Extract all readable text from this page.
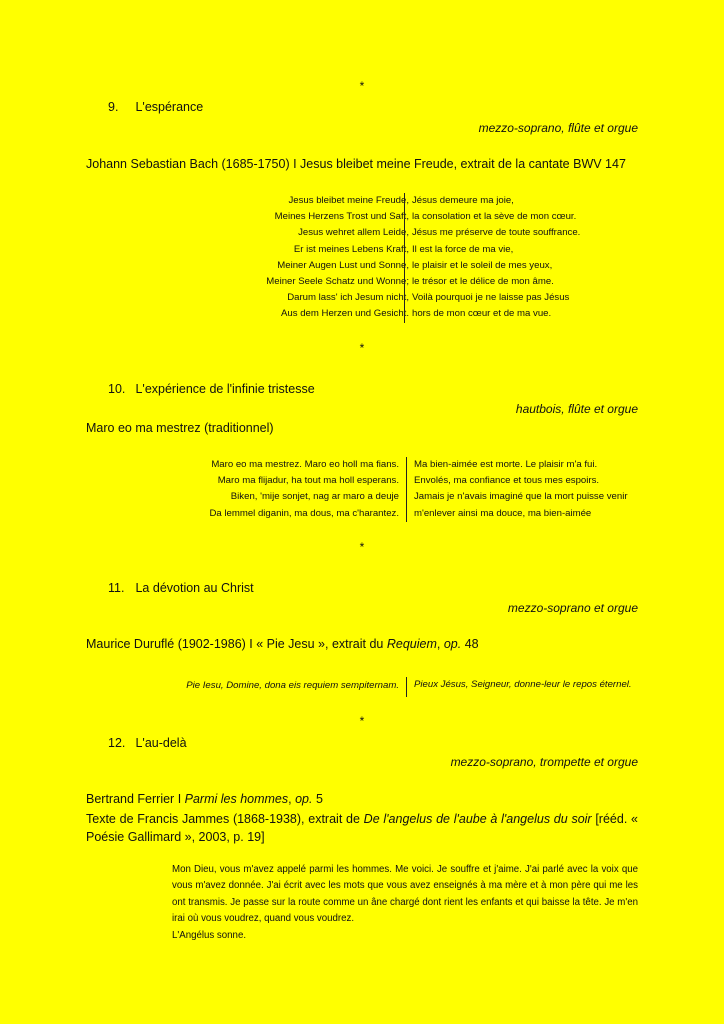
*
9. L'espérance
mezzo-soprano, flûte et orgue
Johann Sebastian Bach (1685-1750) I Jesus bleibet meine Freude, extrait de la cantate BWV 147
Jesus bleibet meine Freude,
Meines Herzens Trost und Saft,
Jesus wehret allem Leide,
Er ist meines Lebens Kraft,
Meiner Augen Lust und Sonne,
Meiner Seele Schatz und Wonne;
Darum lass' ich Jesum nicht,
Aus dem Herzen und Gesicht.
Jésus demeure ma joie,
la consolation et la sève de mon cœur.
Jésus me préserve de toute souffrance.
Il est la force de ma vie,
le plaisir et le soleil de mes yeux,
le trésor et le délice de mon âme.
Voilà pourquoi je ne laisse pas Jésus
hors de mon cœur et de ma vue.
*
10. L'expérience de l'infinie tristesse
hautbois, flûte et orgue
Maro eo ma mestrez (traditionnel)
Maro eo ma mestrez. Maro eo holl ma fians.
Maro ma flijadur, ha tout ma holl esperans.
Biken, 'mije sonjet, nag ar maro a deuje
Da lemmel diganin, ma dous, ma c'harantez.
Ma bien-aimée est morte. Le plaisir m'a fui.
Envolés, ma confiance et tous mes espoirs.
Jamais je n'avais imaginé que la mort puisse venir
m'enlever ainsi ma douce, ma bien-aimée
*
11. La dévotion au Christ
mezzo-soprano et orgue
Maurice Duruflé (1902-1986) I « Pie Jesu », extrait du Requiem, op. 48
Pie Iesu, Domine, dona eis requiem sempiternam. Pieux Jésus, Seigneur, donne-leur le repos éternel.
*
12. L'au-delà
mezzo-soprano, trompette et orgue
Bertrand Ferrier I Parmi les hommes, op. 5
Texte de Francis Jammes (1868-1938), extrait de De l'angelus de l'aube à l'angelus du soir [rééd. « Poésie Gallimard », 2003, p. 19]
Mon Dieu, vous m'avez appelé parmi les hommes. Me voici. Je souffre et j'aime. J'ai parlé avec la voix que vous m'avez donnée. J'ai écrit avec les mots que vous avez enseignés à ma mère et à mon père qui me les ont transmis. Je passe sur la route comme un âne chargé dont rient les enfants et qui baisse la tête. Je m'en irai où vous voudrez, quand vous voudrez.
L'Angélus sonne.
